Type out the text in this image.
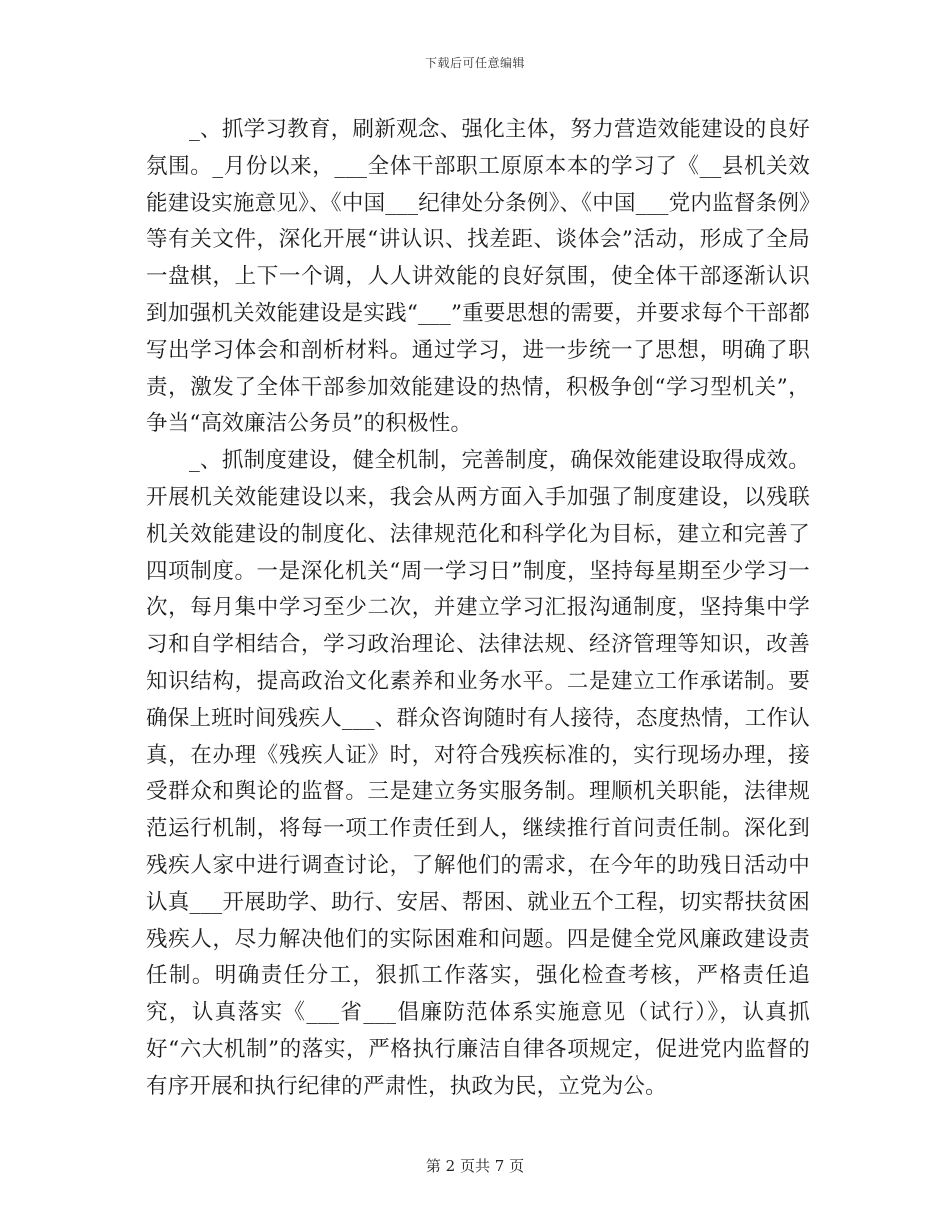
下载后可任意编辑

_、抓学习教育，刷新观念、强化主体，努力营造效能建设的良好氛围。_月份以来，___全体干部职工原原本本的学习了《__县机关效能建设实施意见》、《中国___纪律处分条例》、《中国___党内监督条例》等有关文件，深化开展“讲认识、找差距、谈体会”活动，形成了全局一盘棋，上下一个调，人人讲效能的良好氛围，使全体干部逐渐认识到加强机关效能建设是实践“___”重要思想的需要，并要求每个干部都写出学习体会和剖析材料。通过学习，进一步统一了思想，明确了职责，激发了全体干部参加效能建设的热情，积极争创“学习型机关”，争当“高效廉洁公务员”的积极性。

_、抓制度建设，健全机制，完善制度，确保效能建设取得成效。开展机关效能建设以来，我会从两方面入手加强了制度建设，以残联机关效能建设的制度化、法律规范化和科学化为目标，建立和完善了四项制度。一是深化机关“周一学习日”制度，坚持每星期至少学习一次，每月集中学习至少二次，并建立学习汇报沟通制度，坚持集中学习和自学相结合，学习政治理论、法律法规、经济管理等知识，改善知识结构，提高政治文化素养和业务水平。二是建立工作承诺制。要确保上班时间残疾人___、群众咨询随时有人接待，态度热情，工作认真，在办理《残疾人证》时，对符合残疾标准的，实行现场办理，接受群众和舆论的监督。三是建立务实服务制。理顺机关职能，法律规范运行机制，将每一项工作责任到人，继续推行首问责任制。深化到残疾人家中进行调查讨论，了解他们的需求，在今年的助残日活动中认真___开展助学、助行、安居、帮困、就业五个工程，切实帮扶贫困残疾人，尽力解决他们的实际困难和问题。四是健全党风廉政建设责任制。明确责任分工，狠抓工作落实，强化检查考核，严格责任追究，认真落实《___省___倡廉防范体系实施意见（试行）》，认真抓好“六大机制”的落实，严格执行廉洁自律各项规定，促进党内监督的有序开展和执行纪律的严肃性，执政为民，立党为公。

第 2 页共 7 页
